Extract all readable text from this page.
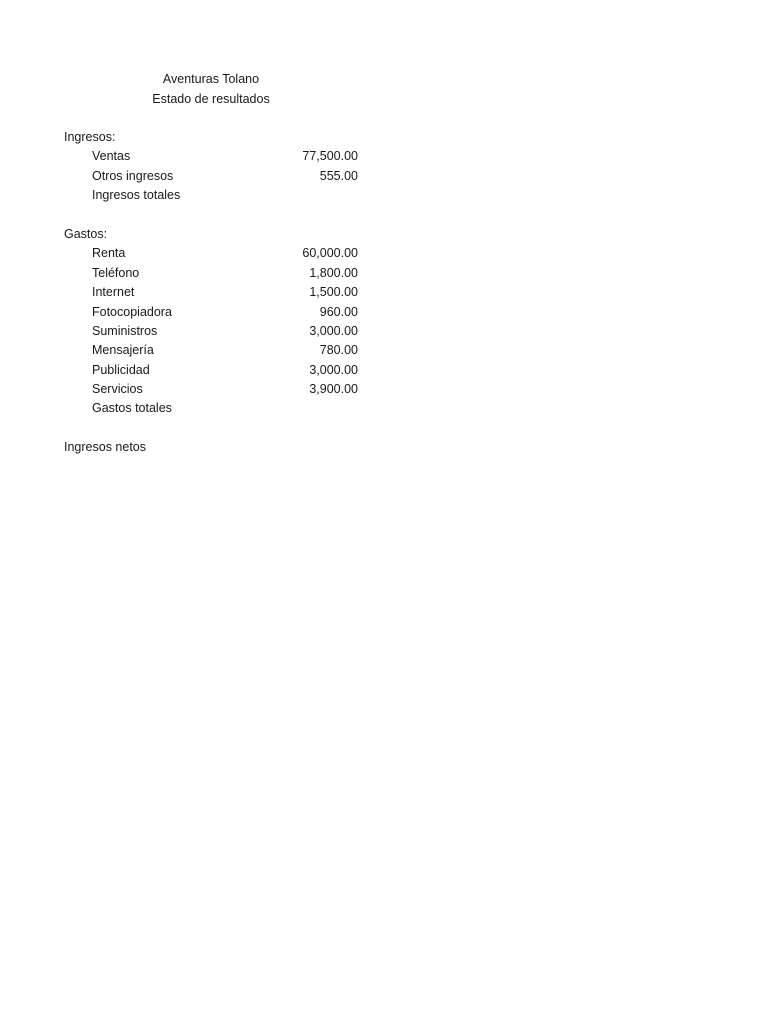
Aventuras Tolano
Estado de resultados
Ingresos:
Ventas	77,500.00
Otros ingresos	555.00
Ingresos totales
Gastos:
Renta	60,000.00
Teléfono	1,800.00
Internet	1,500.00
Fotocopiadora	960.00
Suministros	3,000.00
Mensajería	780.00
Publicidad	3,000.00
Servicios	3,900.00
Gastos totales
Ingresos netos
